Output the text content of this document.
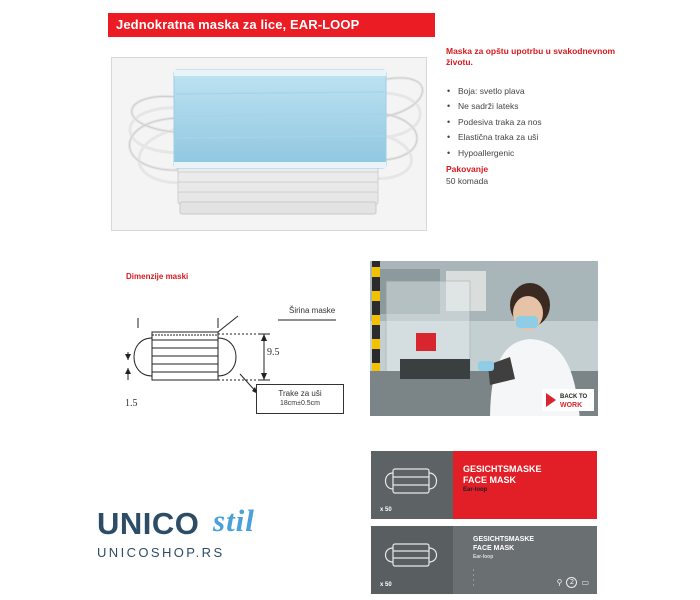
Jednokratna maska za lice, EAR-LOOP
Maska za opštu upotrbu u svakodnevnom životu.
• Boja: svetlo plava
• Ne sadrži lateks
• Podesiva traka za nos
• Elastična traka za uši
• Hypoallergenic
Pakovanje
50 komada
Dimenzije maski
Širina maske
9.5
1.5
Trake za uši
18cm±0.5cm
BACK TO
WORK
x 50
GESICHTSMASKE
FACE MASK
Ear-loop
x 50
GESICHTSMASKE
FACE MASK
Ear-loop
•
•
•
•	⚲	2 ▭
UNICO stil
UNICOSHOP.RS
